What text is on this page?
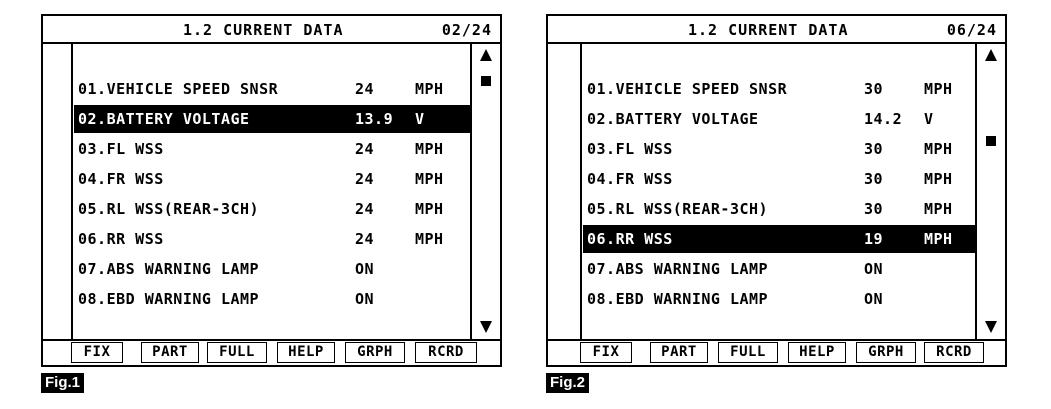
1.2 CURRENT DATA	02/24
01.VEHICLE SPEED SNSR	24	MPH
02.BATTERY VOLTAGE	13.9 V
03.FL WSS	24	MPH
04.FR WSS	24	MPH
05.RL WSS(REAR-3CH)	24	MPH
06.RR WSS	24	MPH
07.ABS WARNING LAMP	ON
08.EBD WARNING LAMP	ON
FIX	PART	FULL	HELP	GRPH	RCRD
Fig.1
1.2 CURRENT DATA	06/24
01.VEHICLE SPEED SNSR	30	MPH
02.BATTERY VOLTAGE	14.2 V
03.FL WSS	30	MPH
04.FR WSS	30	MPH
05.RL WSS(REAR-3CH)	30	MPH
06.RR WSS	19	MPH
07.ABS WARNING LAMP	ON
08.EBD WARNING LAMP	ON
FIX	PART	FULL	HELP	GRPH	RCRD
Fig.2
